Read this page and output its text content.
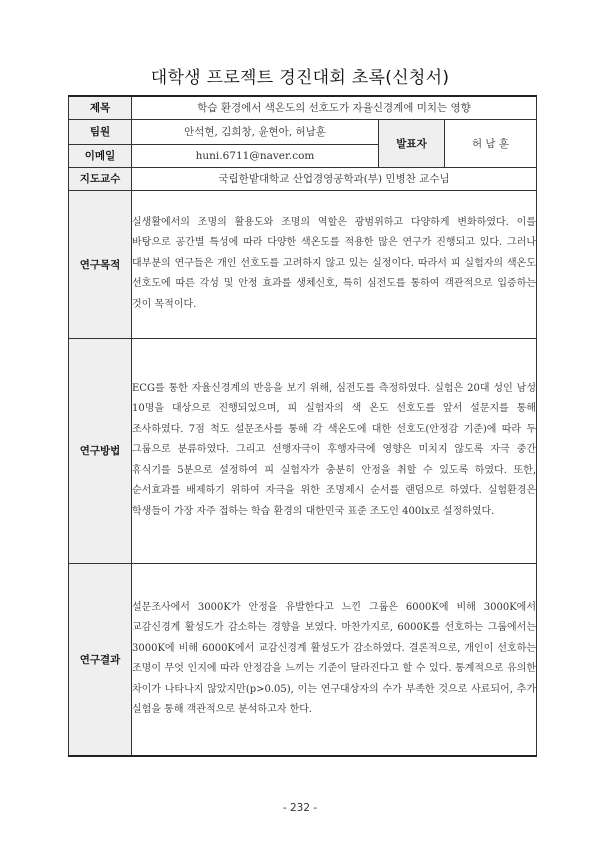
대학생 프로젝트 경진대회 초록(신청서)
제목	학습 환경에서 색온도의 선호도가 자율신경계에 미치는 영향		
팀원	안석현, 김희창, 윤현아, 허남훈	발표자	허 남 훈
이메일	huni.6711@naver.com		
지도교수	국립한밭대학교 산업경영공학과(부) 민병찬 교수님		
연구목적	실생활에서의 조명의 활용도와 조명의 역할은 광범위하고 다양하게 변화하였다. 이를 바탕으로 공간별 특성에 따라 다양한 색온도를 적용한 많은 연구가 진행되고 있다. 그러나 대부분의 연구들은 개인 선호도를 고려하지 않고 있는 실정이다. 따라서 피 실험자의 색온도 선호도에 따른 각성 및 안정 효과를 생체신호, 특히 심전도를 통하여 객관적으로 입증하는 것이 목적이다.		

연구방법	ECG를 통한 자율신경계의 반응을 보기 위해, 심전도를 측정하였다. 실험은 20대 성인 남성 10명을 대상으로 진행되었으며, 피 실험자의 색 온도 선호도를 앞서 설문지를 통해 조사하였다. 7점 척도 설문조사를 통해 각 색온도에 대한 선호도(안정감 기준)에 따라 두 그룹으로 분류하였다. 그리고 선행자극이 후행자극에 영향은 미치지 않도록 자극 중간 휴식기를 5분으로 설정하여 피 실험자가 충분히 안정을 취할 수 있도록 하였다. 또한, 순서효과를 배제하기 위하여 자극을 위한 조명제시 순서를 랜덤으로 하였다. 실험환경은 학생들이 가장 자주 접하는 학습 환경의 대한민국 표준 조도인 400lx로 설정하였다.		

연구결과	설문조사에서 3000K가 안정을 유발한다고 느낀 그룹은 6000K에 비해 3000K에서 교감신경계 활성도가 감소하는 경향을 보였다. 마찬가지로, 6000K를 선호하는 그룹에서는 3000K에 비해 6000K에서 교감신경계 활성도가 감소하였다. 결론적으로, 개인이 선호하는 조명이 무엇 인지에 따라 안정감을 느끼는 기준이 달라진다고 할 수 있다. 통계적으로 유의한 차이가 나타나지 않았지만(p>0.05), 이는 연구대상자의 수가 부족한 것으로 사료되어, 추가 실험을 통해 객관적으로 분석하고자 한다.		

- 232 -
